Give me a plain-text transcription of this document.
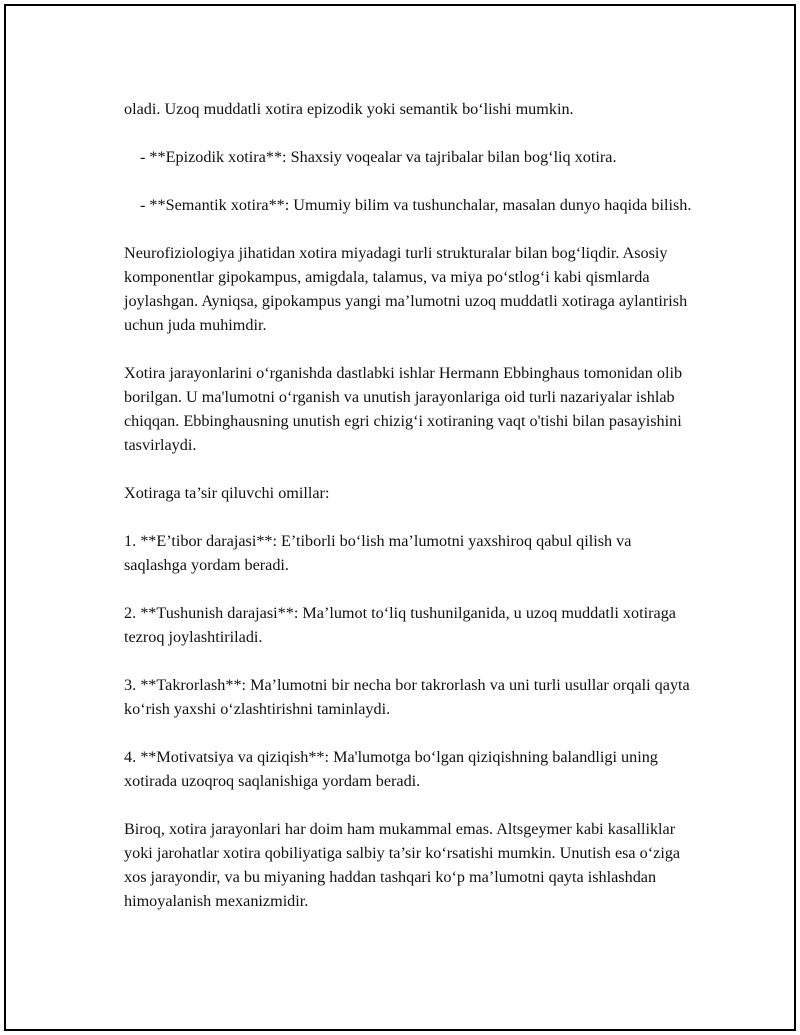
oladi. Uzoq muddatli xotira epizodik yoki semantik bo‘lishi mumkin.

- **Epizodik xotira**: Shaxsiy voqealar va tajribalar bilan bog‘liq xotira.

- **Semantik xotira**: Umumiy bilim va tushunchalar, masalan dunyo haqida bilish.

Neurofiziologiya jihatidan xotira miyadagi turli strukturalar bilan bog‘liqdir. Asosiy komponentlar gipokampus, amigdala, talamus, va miya po‘stlog‘i kabi qismlarda joylashgan. Ayniqsa, gipokampus yangi ma’lumotni uzoq muddatli xotiraga aylantirish uchun juda muhimdir.

Xotira jarayonlarini o‘rganishda dastlabki ishlar Hermann Ebbinghaus tomonidan olib borilgan. U ma'lumotni o‘rganish va unutish jarayonlariga oid turli nazariyalar ishlab chiqqan. Ebbinghausning unutish egri chizig‘i xotiraning vaqt o'tishi bilan pasayishini tasvirlaydi.

Xotiraga ta’sir qiluvchi omillar:

1. **E’tibor darajasi**: E’tiborli bo‘lish ma’lumotni yaxshiroq qabul qilish va saqlashga yordam beradi.

2. **Tushunish darajasi**: Ma’lumot to‘liq tushunilganida, u uzoq muddatli xotiraga tezroq joylashtiriladi.

3. **Takrorlash**: Ma’lumotni bir necha bor takrorlash va uni turli usullar orqali qayta ko‘rish yaxshi o‘zlashtirishni taminlaydi.

4. **Motivatsiya va qiziqish**: Ma'lumotga bo‘lgan qiziqishning balandligi uning xotirada uzoqroq saqlanishiga yordam beradi.

Biroq, xotira jarayonlari har doim ham mukammal emas. Altsgeymer kabi kasalliklar yoki jarohatlar xotira qobiliyatiga salbiy ta’sir ko‘rsatishi mumkin. Unutish esa o‘ziga xos jarayondir, va bu miyaning haddan tashqari ko‘p ma’lumotni qayta ishlashdan himoyalanish mexanizmidir.
